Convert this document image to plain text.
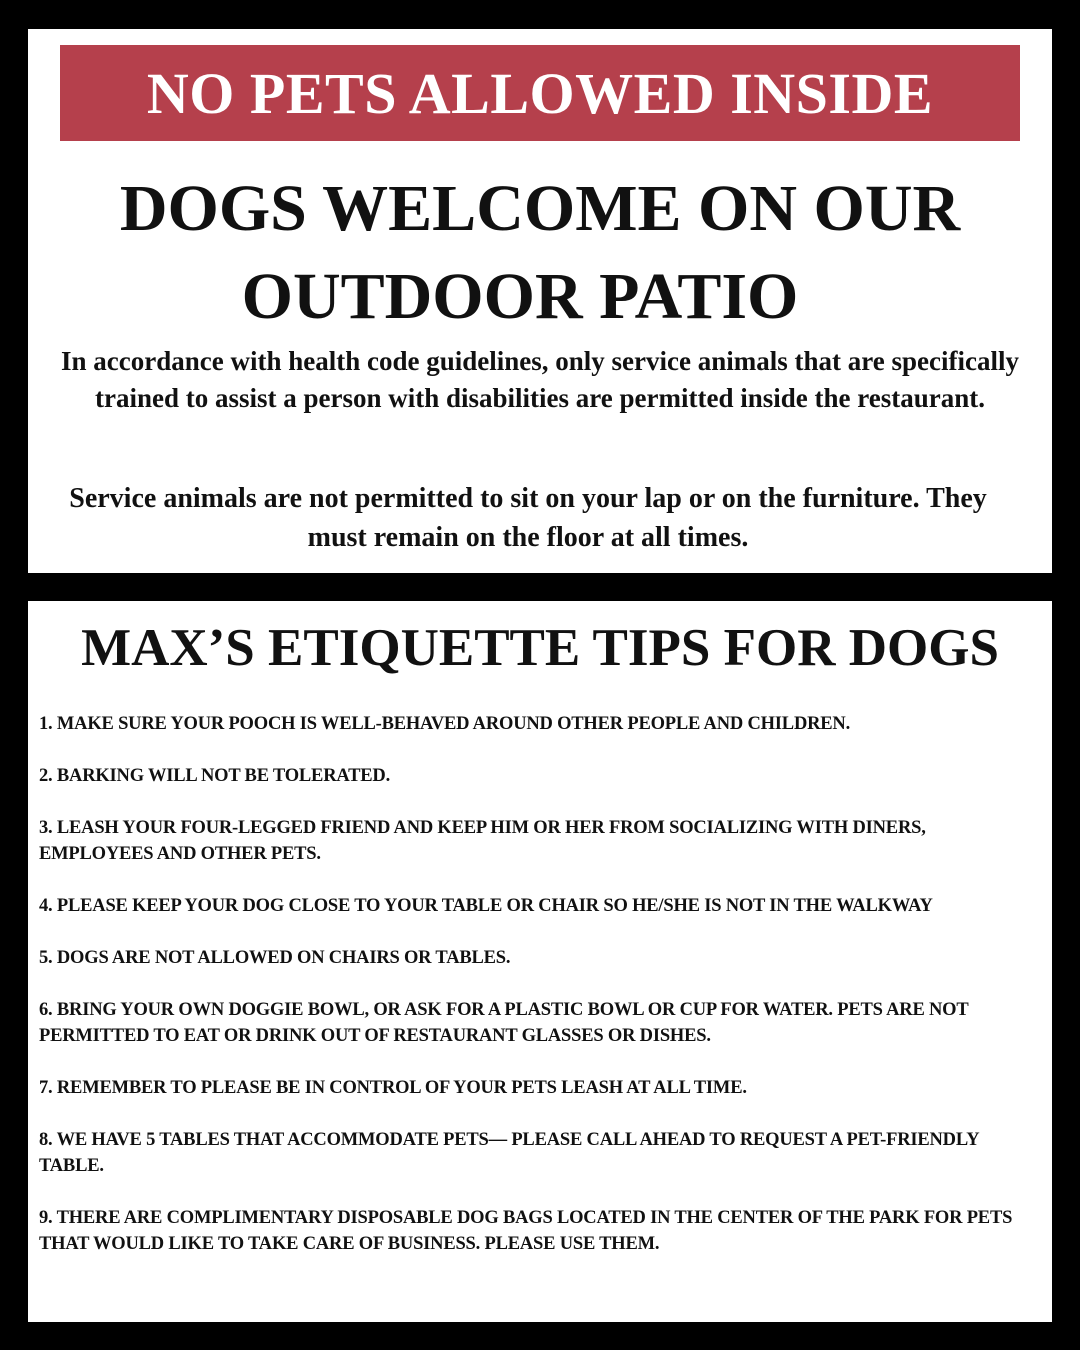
NO PETS ALLOWED INSIDE
DOGS WELCOME ON OUR
OUTDOOR PATIO
In accordance with health code guidelines, only service animals that are specifically trained to assist a person with disabilities are permitted inside the restaurant.
Service animals are not permitted to sit on your lap or on the furniture. They must remain on the floor at all times.
MAX’S ETIQUETTE TIPS FOR DOGS
1. MAKE SURE YOUR POOCH IS WELL-BEHAVED AROUND OTHER PEOPLE AND CHILDREN.
2. BARKING WILL NOT BE TOLERATED.
3. LEASH YOUR FOUR-LEGGED FRIEND AND KEEP HIM OR HER FROM SOCIALIZING WITH DINERS, EMPLOYEES AND OTHER PETS.
4. PLEASE KEEP YOUR DOG CLOSE TO YOUR TABLE OR CHAIR SO HE/SHE IS NOT IN THE WALKWAY
5. DOGS ARE NOT ALLOWED ON CHAIRS OR TABLES.
6. BRING YOUR OWN DOGGIE BOWL, OR ASK FOR A PLASTIC BOWL OR CUP FOR WATER. PETS ARE NOT PERMITTED TO EAT OR DRINK OUT OF RESTAURANT GLASSES OR DISHES.
7. REMEMBER TO PLEASE BE IN CONTROL OF YOUR PETS LEASH AT ALL TIME.
8. WE HAVE 5 TABLES THAT ACCOMMODATE PETS— PLEASE CALL AHEAD TO REQUEST A PET-FRIENDLY TABLE.
9. THERE ARE COMPLIMENTARY DISPOSABLE DOG BAGS LOCATED IN THE CENTER OF THE PARK FOR PETS THAT WOULD LIKE TO TAKE CARE OF BUSINESS. PLEASE USE THEM.
